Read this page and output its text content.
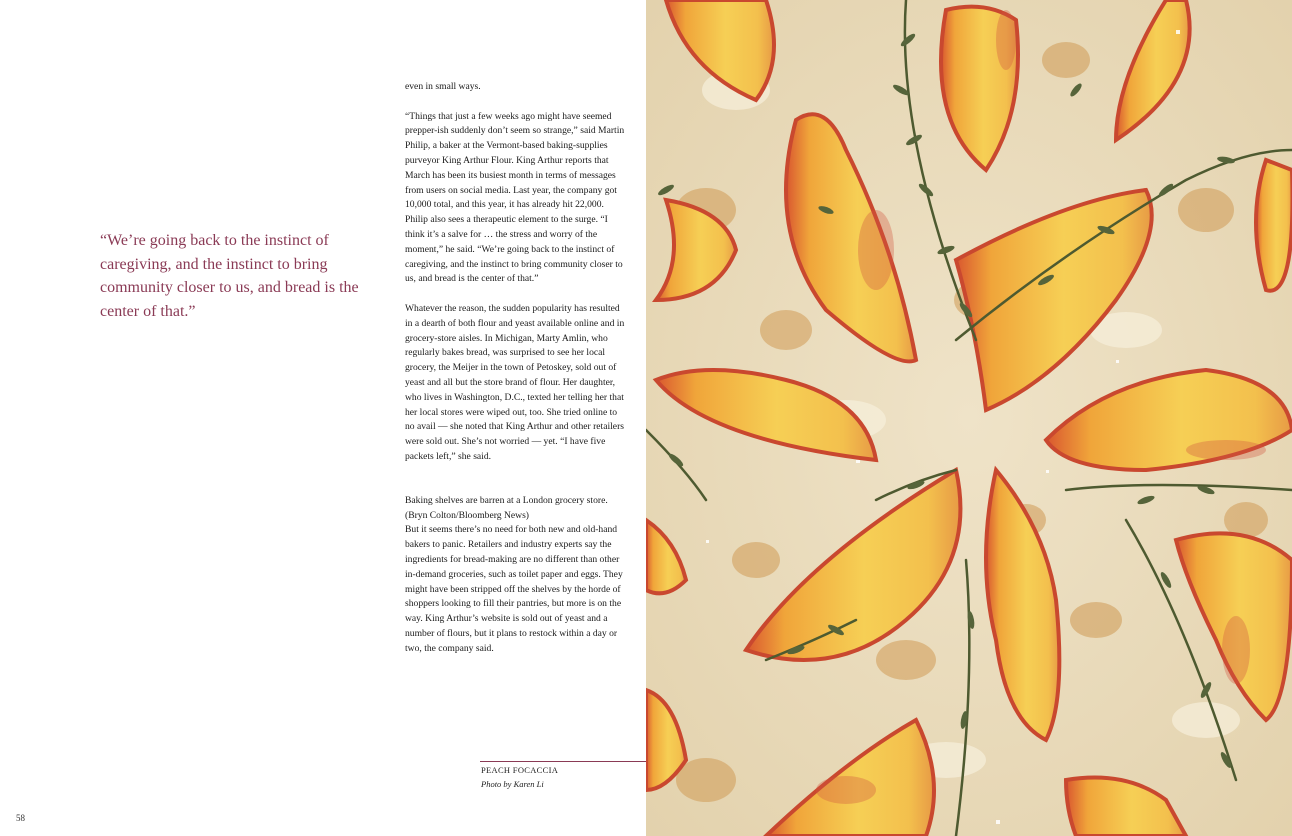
“We’re going back to the instinct of caregiving, and the instinct to bring community closer to us, and bread is the center of that.”

even in small ways.

“Things that just a few weeks ago might have seemed prepper-ish suddenly don’t seem so strange,” said Martin Philip, a baker at the Vermont-based baking-supplies purveyor King Arthur Flour. King Arthur reports that March has been its busiest month in terms of messages from users on social media. Last year, the company got 10,000 total, and this year, it has already hit 22,000. Philip also sees a therapeutic element to the surge. “I think it’s a salve for … the stress and worry of the moment,” he said. “We’re going back to the instinct of caregiving, and the instinct to bring community closer to us, and bread is the center of that.”

Whatever the reason, the sudden popularity has resulted in a dearth of both flour and yeast available online and in grocery-store aisles. In Michigan, Marty Amlin, who regularly bakes bread, was surprised to see her local grocery, the Meijer in the town of Petoskey, sold out of yeast and all but the store brand of flour. Her daughter, who lives in Washington, D.C., texted her telling her that her local stores were wiped out, too. She tried online to no avail — she noted that King Arthur and other retailers were sold out. She’s not worried — yet. “I have five packets left,” she said.

Baking shelves are barren at a London grocery store. (Bryn Colton/Bloomberg News)

But it seems there’s no need for both new and old-hand bakers to panic. Retailers and industry experts say the ingredients for bread-making are no different than other in-demand groceries, such as toilet paper and eggs. They might have been stripped off the shelves by the horde of shoppers looking to fill their pantries, but more is on the way. King Arthur’s website is sold out of yeast and a number of flours, but it plans to restock within a day or two, the company said.

PEACH FOCACCIA
Photo by Karen Li
58
